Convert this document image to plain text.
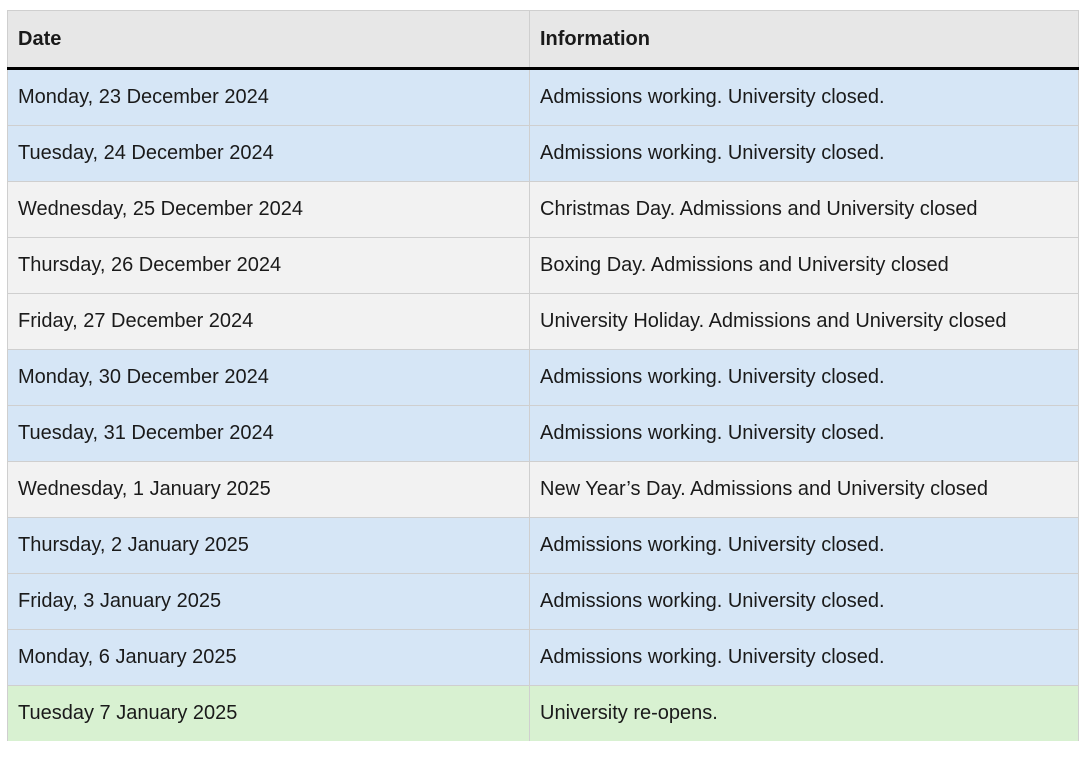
Date	Information
Monday, 23 December 2024	Admissions working. University closed.
Tuesday, 24 December 2024	Admissions working. University closed.
Wednesday, 25 December 2024	Christmas Day. Admissions and University closed
Thursday, 26 December 2024	Boxing Day. Admissions and University closed
Friday, 27 December 2024	University Holiday. Admissions and University closed
Monday, 30 December 2024	Admissions working. University closed.
Tuesday, 31 December 2024	Admissions working. University closed.
Wednesday, 1 January 2025	New Year’s Day. Admissions and University closed
Thursday, 2 January 2025	Admissions working. University closed.
Friday, 3 January 2025	Admissions working. University closed.
Monday, 6 January 2025	Admissions working. University closed.
Tuesday 7 January 2025	University re-opens.
